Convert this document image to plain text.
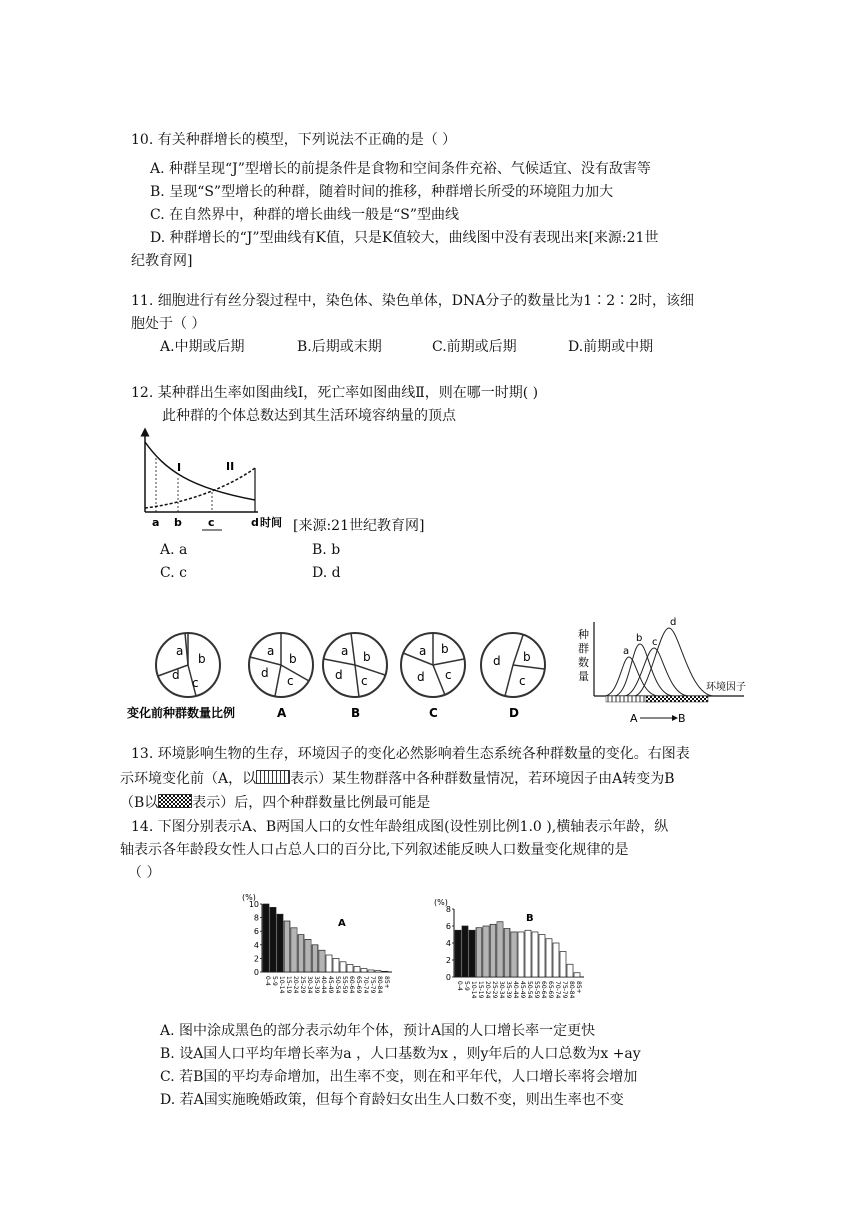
10. 有关种群增长的模型，下列说法不正确的是（ ）
A. 种群呈现“J”型增长的前提条件是食物和空间条件充裕、气候适宜、没有敌害等
B. 呈现“S”型增长的种群，随着时间的推移，种群增长所受的环境阻力加大
C. 在自然界中，种群的增长曲线一般是“S”型曲线
D. 种群增长的“J”型曲线有K值，只是K值较大，曲线图中没有表现出来[来源:21世
纪教育网]
11. 细胞进行有丝分裂过程中，染色体、染色单体，DNA分子的数量比为1∶2∶2时，该细
胞处于（ ）
A.中期或后期	B.后期或末期	C.前期或后期	D.前期或中期
12. 某种群出生率如图曲线Ⅰ，死亡率如图曲线Ⅱ，则在哪一时期( )
此种群的个体总数达到其生活环境容纳量的顶点
I	II
a b c	d 时间 [来源:21世纪教育网]
A. a	B. b
C. c	D. d
a
b
c
d
a
b
c
d
a b
c
d
a b
c
d
d b
c
变化前种群数量比例	A	B	C	D
种
群
数
量
a
b c
d
环境因子
A	B
13. 环境影响生物的生存，环境因子的变化必然影响着生态系统各种群数量的变化。右图表
示环境变化前（A，以 表示）某生物群落中各种群数量情况，若环境因子由A转变为B
（B以 表示）后，四个种群数量比例最可能是
14. 下图分别表示A、B两国人口的女性年龄组成图(设性别比例1.0 ),横轴表示年龄，纵
轴表示各年龄段女性人口占总人口的百分比,下列叙述能反映人口数量变化规律的是
（ ）
(%)
10
8
6
4
2
0
A
0-4 5-9 10-14 15-19 20-24 25-29 30-34 35-39 40-44 45-49 50-54 55-59 60-64 65-69 70-74 75-79 80-84 85+
(%)
8
6
4
2
0
B
0-4 5-9 10-14 15-19 20-24 25-29 30-34 35-39 40-44 45-49 50-54 55-59 60-64 65-69 70-74 75-79 80-84 85+
A. 图中涂成黑色的部分表示幼年个体，预计A国的人口增长率一定更快
B. 设A国人口平均年增长率为a ，人口基数为x ，则y年后的人口总数为x +ay
C. 若B国的平均寿命增加，出生率不变，则在和平年代，人口增长率将会增加
D. 若A国实施晚婚政策，但每个育龄妇女出生人口数不变，则出生率也不变
